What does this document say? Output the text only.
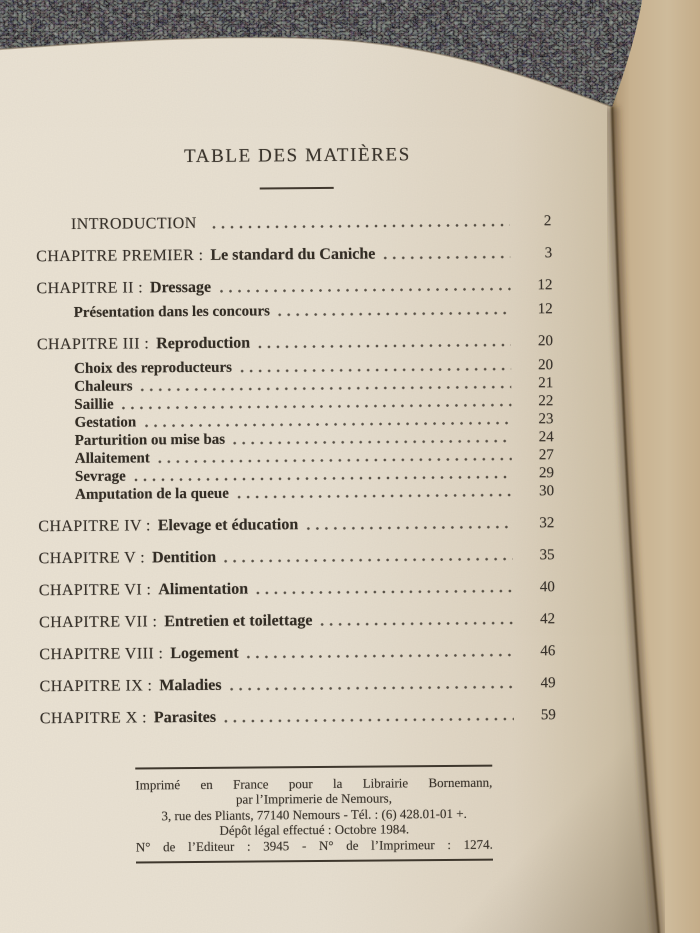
TABLE DES MATIÈRES
INTRODUCTION	2
CHAPITRE PREMIER : Le standard du Caniche	3
CHAPITRE II : Dressage	12
Présentation dans les concours	12
CHAPITRE III : Reproduction	20
Choix des reproducteurs	20
Chaleurs	21
Saillie	22
Gestation	23
Parturition ou mise bas	24
Allaitement	27
Sevrage	29
Amputation de la queue	30
CHAPITRE IV : Elevage et éducation	32
CHAPITRE V : Dentition	35
CHAPITRE VI : Alimentation	40
CHAPITRE VII : Entretien et toilettage	42
CHAPITRE VIII : Logement	46
CHAPITRE IX : Maladies	49
CHAPITRE X : Parasites	59

Imprimé en France pour la Librairie Bornemann,

par l’Imprimerie de Nemours,

3, rue des Pliants, 77140 Nemours - Tél. : (6) 428.01-01 +.

Dépôt légal effectué : Octobre 1984.

N° de l’Editeur : 3945 - N° de l’Imprimeur : 1274.
